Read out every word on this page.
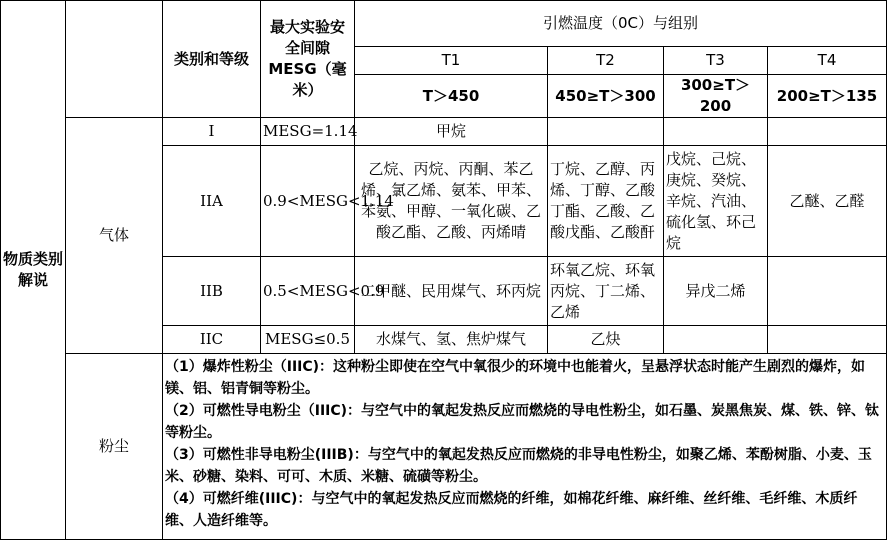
物质类别解说		类别和等级	最大实验安全间隙MESG（毫米）	引燃温度（0C）与组别			
				T1	T2	T3	T4
				T＞450	450≥T＞300	300≥T＞200	200≥T＞135
	气体	I	MESG=1.14	甲烷			
		IIA	0.9<MESG<1.14	乙烷、丙烷、丙酮、苯乙烯、氯乙烯、氨苯、甲苯、苯氨、甲醇、一氧化碳、乙酸乙酯、乙酸、丙烯晴	丁烷、乙醇、丙烯、丁醇、乙酸丁酯、乙酸、乙酸戊酯、乙酸酐	戊烷、己烷、庚烷、癸烷、辛烷、汽油、硫化氢、环己烷	乙醚、乙醛
		IIB	0.5<MESG<0.9	二甲醚、民用煤气、环丙烷	环氧乙烷、环氧丙烷、丁二烯、乙烯	异戊二烯	
		IIC	MESG≤0.5	水煤气、氢、焦炉煤气	乙炔		
	粉尘	（1）爆炸性粉尘（IIIC)：这种粉尘即使在空气中氧很少的环境中也能着火，呈悬浮状态时能产生剧烈的爆炸，如镁、铝、铝青铜等粉尘。

（2）可燃性导电粉尘（IIIC)：与空气中的氧起发热反应而燃烧的导电性粉尘，如石墨、炭黑焦炭、煤、铁、锌、钛等粉尘。

（3）可燃性非导电粉尘(IIIB)：与空气中的氧起发热反应而燃烧的非导电性粉尘，如聚乙烯、苯酚树脂、小麦、玉米、砂糖、染料、可可、木质、米糖、硫磺等粉尘。

（4）可燃纤维(IIIC)：与空气中的氧起发热反应而燃烧的纤维，如棉花纤维、麻纤维、丝纤维、毛纤维、木质纤维、人造纤维等。					
